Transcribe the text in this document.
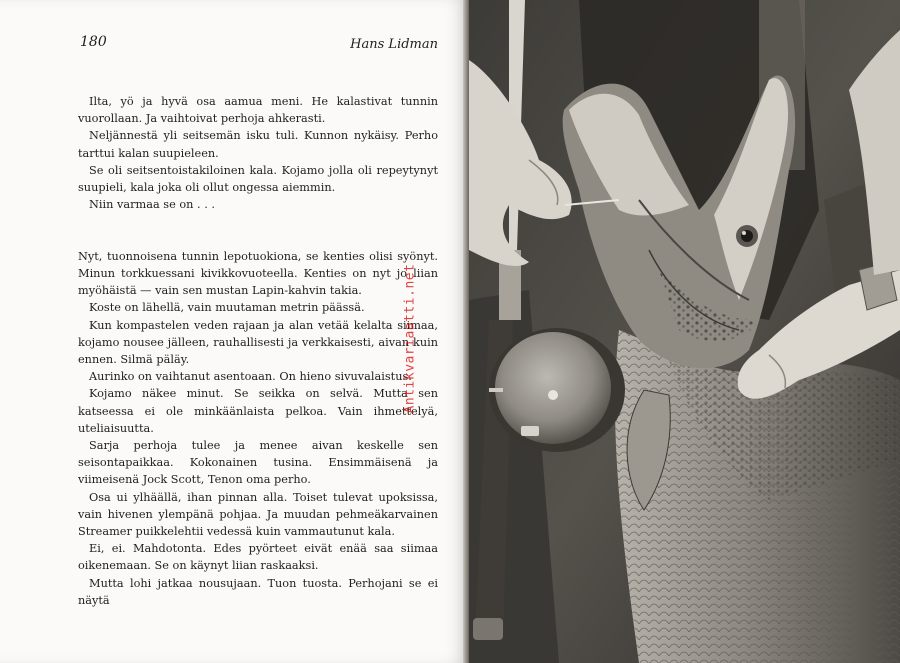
180	Hans Lidman

Ilta, yö ja hyvä osa aamua meni. He kalastivat tunnin vuorollaan. Ja vaihtoivat perhoja ahkerasti.

Neljännestä yli seitsemän isku tuli. Kunnon nykäisy. Perho tarttui kalan suupieleen.

Se oli seitsentoistakiloinen kala. Kojamo jolla oli repeytynyt suupieli, kala joka oli ollut ongessa aiemmin.

Niin varmaa se on . . .

Nyt, tuonnoisena tunnin lepotuokiona, se kenties olisi syönyt. Minun torkkuessani kivikkovuoteella. Kenties on nyt jo liian myöhäistä — vain sen mustan Lapin-kahvin takia.

Koste on lähellä, vain muutaman metrin päässä.

Kun kompastelen veden rajaan ja alan vetää kelalta siimaa, kojamo nousee jälleen, rauhallisesti ja verkkaisesti, aivan kuin ennen. Silmä päläy.

Aurinko on vaihtanut asentoaan. On hieno sivuvalaistus.

Kojamo näkee minut. Se seikka on selvä. Mutta sen katseessa ei ole minkäänlaista pelkoa. Vain ihmettelyä, uteliaisuutta.

Sarja perhoja tulee ja menee aivan keskelle sen seisontapaikkaa. Kokonainen tusina. Ensimmäisenä ja viimeisenä Jock Scott, Tenon oma perho.

Osa ui ylhäällä, ihan pinnan alla. Toiset tulevat upoksissa, vain hivenen ylempänä pohjaa. Ja muudan pehmeäkarvainen Streamer puikkelehtii vedessä kuin vammautunut kala.

Ei, ei. Mahdotonta. Edes pyörteet eivät enää saa siimaa oikenemaan. Se on käynyt liian raskaaksi.

Mutta lohi jatkaa nousujaan. Tuon tuosta. Perhojani se ei näytä

Antikvariaatti.net
